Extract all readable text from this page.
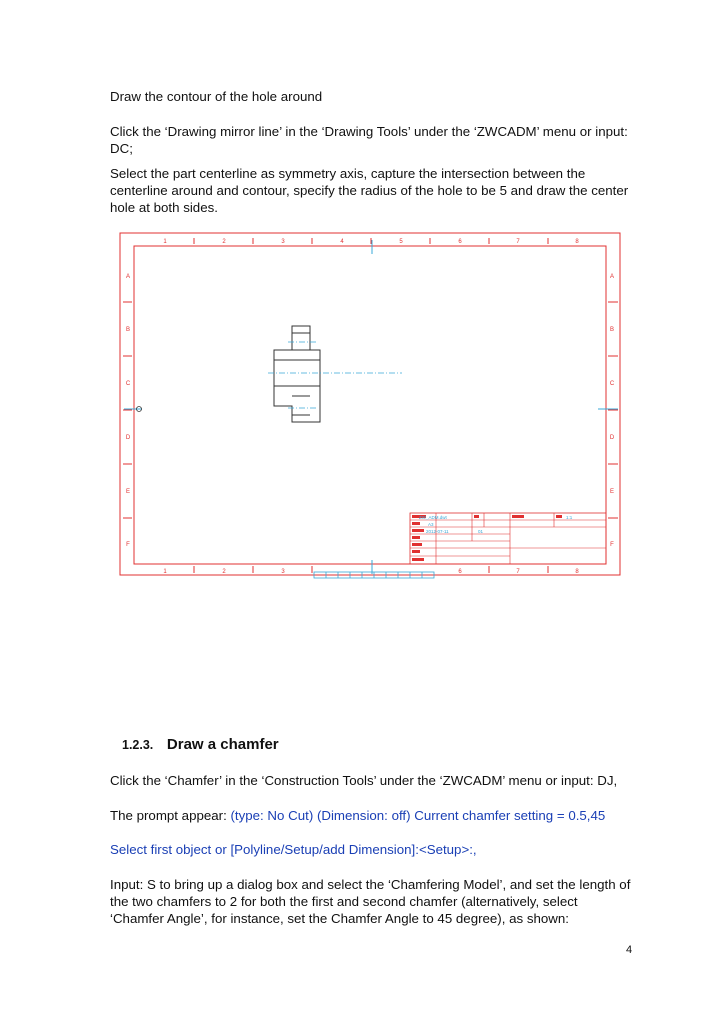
Draw the contour of the hole around

Click the ‘Drawing mirror line’ in the ‘Drawing Tools’ under the ‘ZWCADM’ menu or input: DC;

Select the part centerline as symmetry axis, capture the intersection between the centerline around and contour, specify the radius of the hole to be 5 and draw the center hole at both sides.

1	2	3	4	5	6	7	8
1	2	3	6	7	8
A
B
C
D
E
F
A
B
C
D
E
F
ZW_ADM.dwt
A3
2012-07-11
1:1
01
1.2.3. Draw a chamfer

Click the ‘Chamfer’ in the ‘Construction Tools’ under the ‘ZWCADM’ menu or input: DJ,

The prompt appear: (type: No Cut) (Dimension: off) Current chamfer setting = 0.5,45

Select first object or [Polyline/Setup/add Dimension]:<Setup>:,

Input: S to bring up a dialog box and select the ‘Chamfering Model’, and set the length of the two chamfers to 2 for both the first and second chamfer (alternatively, select ‘Chamfer Angle’, for instance, set the Chamfer Angle to 45 degree), as shown:

4
